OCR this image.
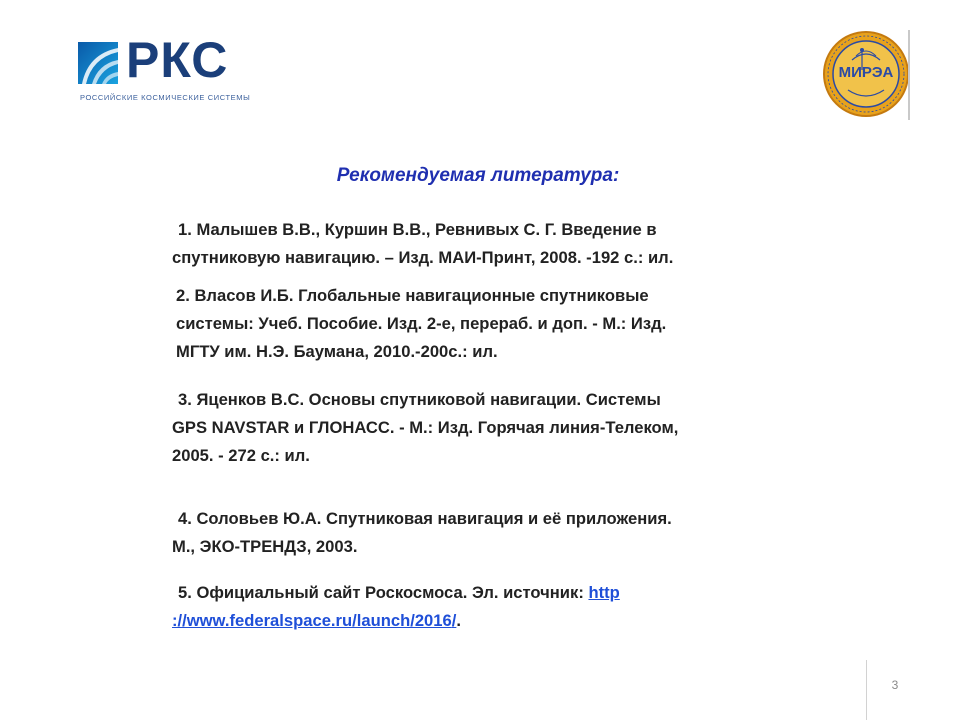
РКС
РОССИЙСКИЕ КОСМИЧЕСКИЕ СИСТЕМЫ
МИРЭА
Рекомендуемая литература:
1. Малышев В.В., Куршин В.В., Ревнивых С. Г. Введение в
спутниковую навигацию. – Изд. МАИ-Принт, 2008. -192 с.: ил.
2. Власов И.Б. Глобальные навигационные спутниковые
системы: Учеб. Пособие. Изд. 2-е, перераб. и доп. - М.: Изд.
МГТУ им. Н.Э. Баумана, 2010.-200с.: ил.
3. Яценков В.С. Основы спутниковой навигации. Системы
GPS NAVSTAR и ГЛОНАСС. - М.: Изд. Горячая линия-Телеком,
2005. - 272 с.: ил.
4. Соловьев Ю.А. Спутниковая навигация и её приложения.
М., ЭКО-ТРЕНДЗ, 2003.
5. Официальный сайт Роскосмоса. Эл. источник: http
://www.federalspace.ru/launch/2016/.
3
